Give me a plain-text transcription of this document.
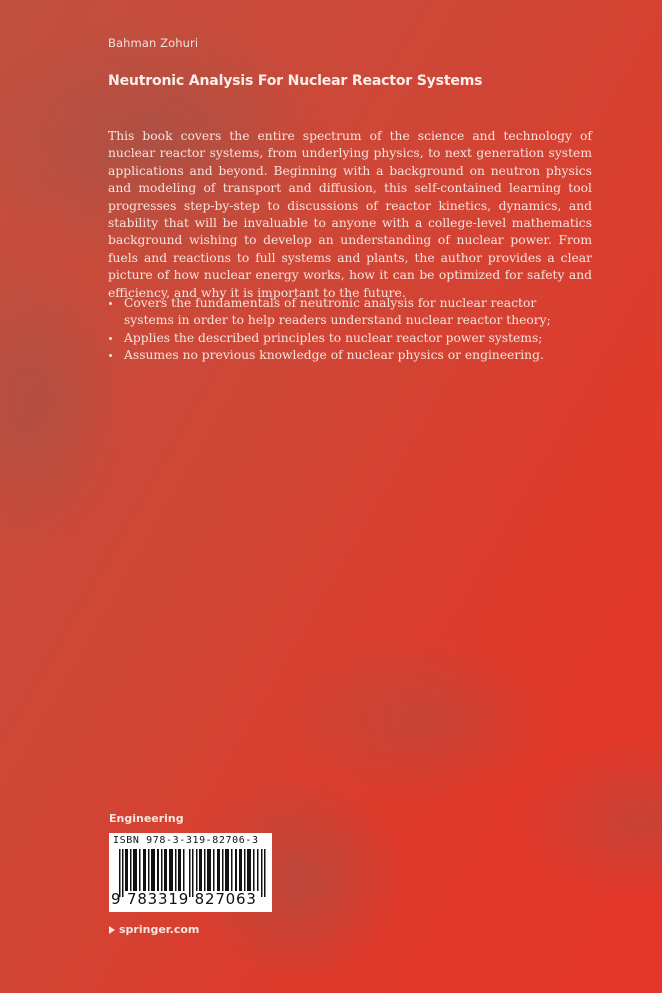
Bahman Zohuri
Neutronic Analysis For Nuclear Reactor Systems

This book covers the entire spectrum of the science and technology of nuclear reactor systems, from underlying physics, to next generation system applications and beyond. Beginning with a background on neutron physics and modeling of transport and diffusion, this self-contained learning tool progresses step-by-step to discussions of reactor kinetics, dynamics, and stability that will be invaluable to anyone with a college-level mathematics background wishing to develop an understanding of nuclear power. From fuels and reactions to full systems and plants, the author provides a clear picture of how nuclear energy works, how it can be optimized for safety and efficiency, and why it is important to the future.

Covers the fundamentals of neutronic analysis for nuclear reactor systems in order to help readers understand nuclear reactor theory;
Applies the described principles to nuclear reactor power systems;
Assumes no previous knowledge of nuclear physics or engineering.
Engineering
ISBN 978-3-319-82706-3
9 783319 827063
springer.com
